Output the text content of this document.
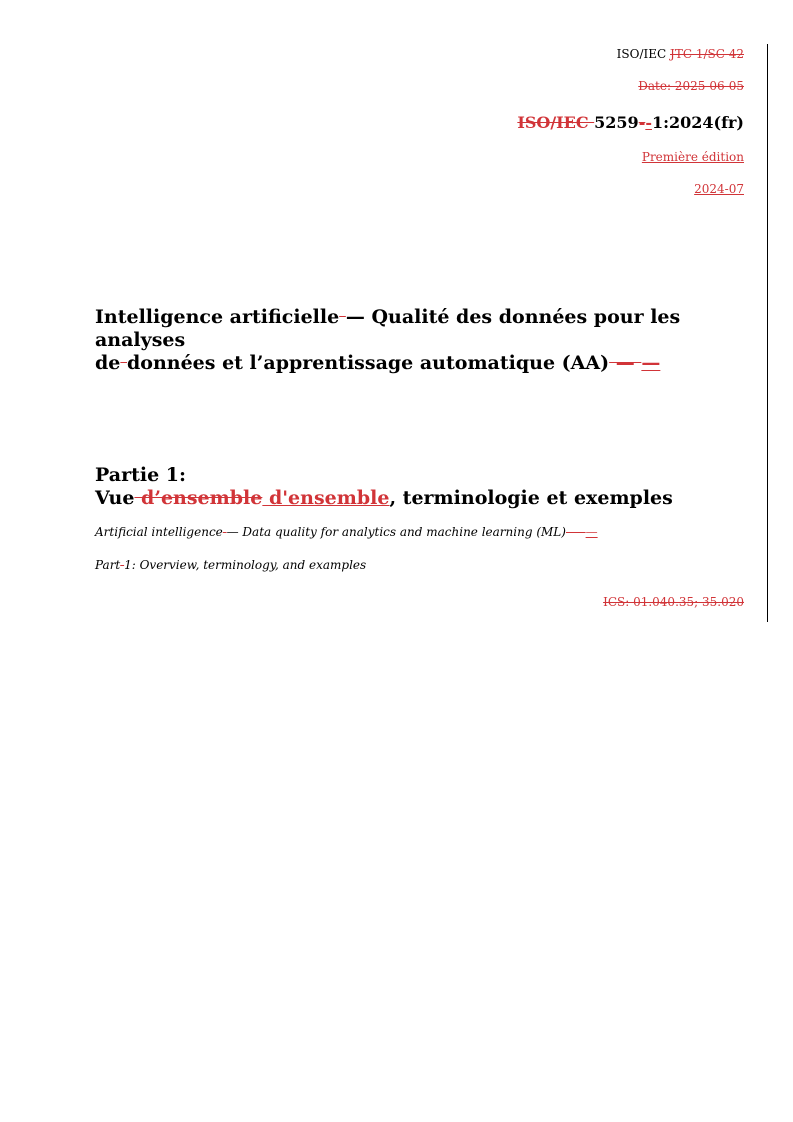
ISO/IEC JTC 1/SC 42
Date: 2025-06-05
ISO/IEC 5259--1:2024(fr)
Première édition
2024-07
Intelligence artificielle — Qualité des données pour les analyses
de données et l’apprentissage automatique (AA) — —
Partie 1:
Vue d’ensemble d'ensemble, terminologie et exemples
Artificial intelligence — Data quality for analytics and machine learning (ML) — —
Part 1: Overview, terminology, and examples
ICS: 01.040.35; 35.020
